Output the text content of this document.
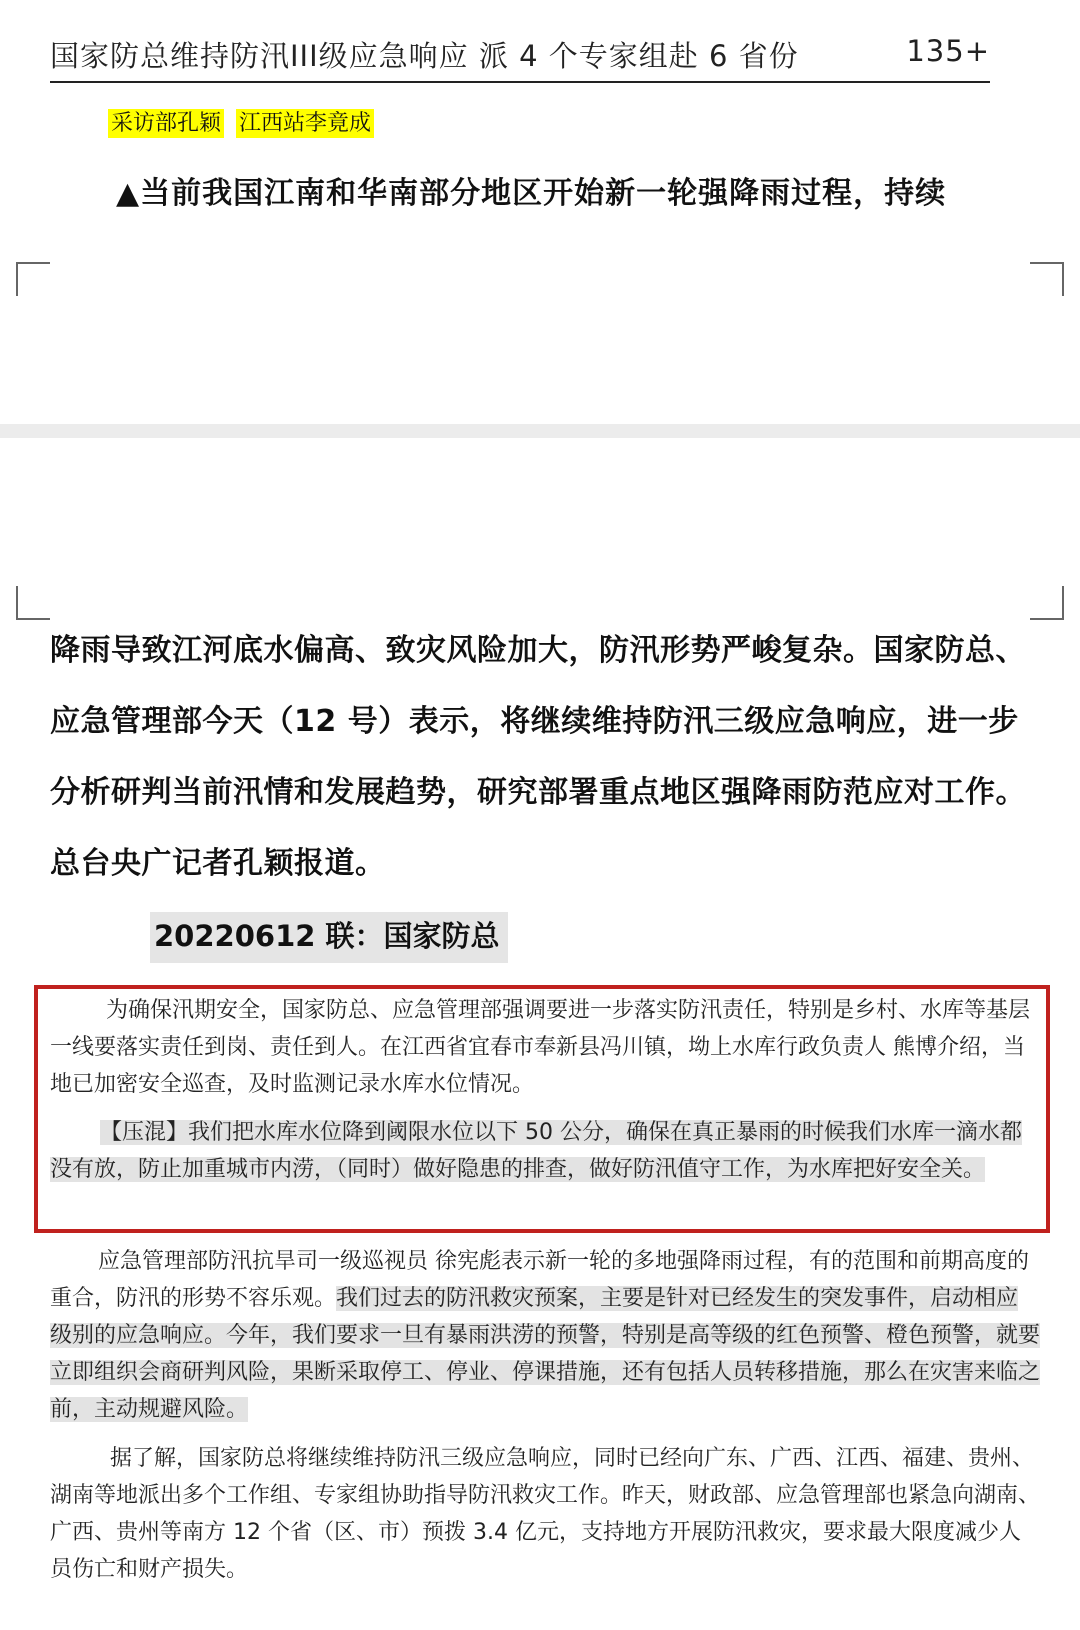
国家防总维持防汛III级应急响应 派 4 个专家组赴 6 省份	135+
采访部孔颖 江西站李竟成
▲当前我国江南和华南部分地区开始新一轮强降雨过程，持续
降雨导致江河底水偏高、致灾风险加大，防汛形势严峻复杂。国家防总、应急管理部今天（12 号）表示，将继续维持防汛三级应急响应，进一步分析研判当前汛情和发展趋势，研究部署重点地区强降雨防范应对工作。总台央广记者孔颖报道。
20220612 联：国家防总
为确保汛期安全，国家防总、应急管理部强调要进一步落实防汛责任，特别是乡村、水库等基层一线要落实责任到岗、责任到人。在江西省宜春市奉新县冯川镇，坳上水库行政负责人 熊博介绍，当地已加密安全巡查，及时监测记录水库水位情况。
【压混】我们把水库水位降到阈限水位以下 50 公分，确保在真正暴雨的时候我们水库一滴水都没有放，防止加重城市内涝，（同时）做好隐患的排查，做好防汛值守工作，为水库把好安全关。
应急管理部防汛抗旱司一级巡视员 徐宪彪表示新一轮的多地强降雨过程，有的范围和前期高度的重合，防汛的形势不容乐观。我们过去的防汛救灾预案，主要是针对已经发生的突发事件，启动相应级别的应急响应。今年，我们要求一旦有暴雨洪涝的预警，特别是高等级的红色预警、橙色预警，就要立即组织会商研判风险，果断采取停工、停业、停课措施，还有包括人员转移措施，那么在灾害来临之前，主动规避风险。
据了解，国家防总将继续维持防汛三级应急响应，同时已经向广东、广西、江西、福建、贵州、湖南等地派出多个工作组、专家组协助指导防汛救灾工作。昨天，财政部、应急管理部也紧急向湖南、广西、贵州等南方 12 个省（区、市）预拨 3.4 亿元，支持地方开展防汛救灾，要求最大限度减少人员伤亡和财产损失。
